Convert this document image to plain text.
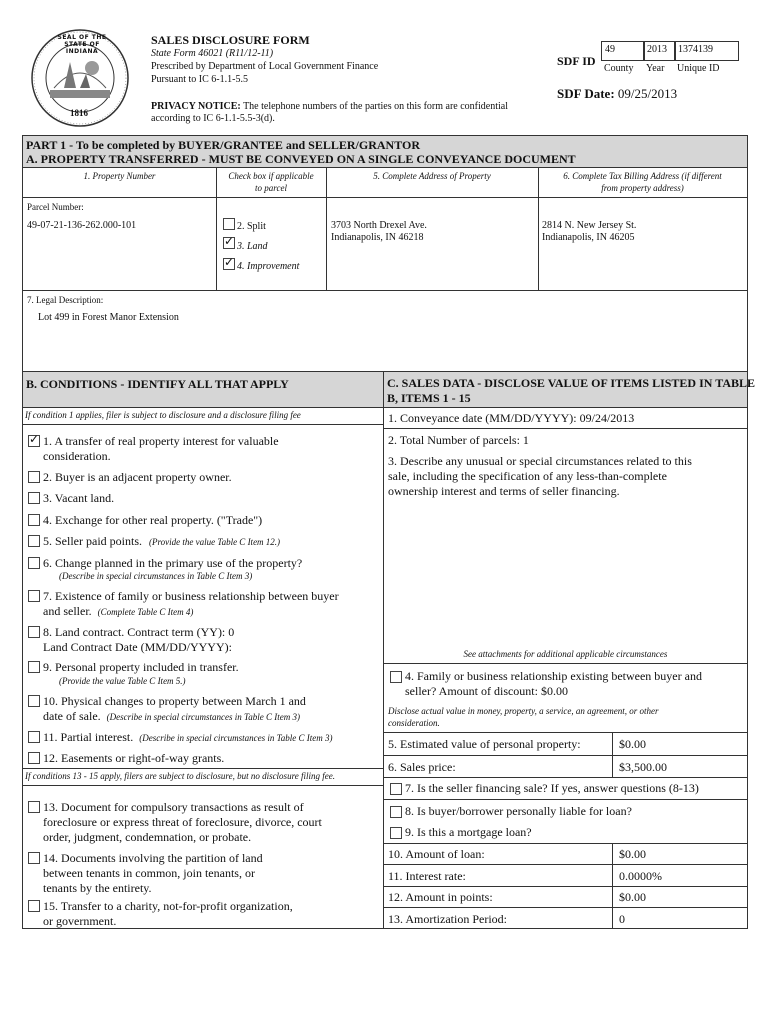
SEAL OF THE STATE OF INDIANA
1816
SALES DISCLOSURE FORM
State Form 46021 (R11/12-11)
Prescribed by Department of Local Government Finance
Pursuant to IC 6-1.1-5.5
PRIVACY NOTICE: The telephone numbers of the parties on this form are confidential
according to IC 6-1.1-5.5-3(d).
SDF ID
49	2013 1374139
County Year Unique ID
SDF Date: 09/25/2013
PART 1 - To be completed by BUYER/GRANTEE and SELLER/GRANTOR
A. PROPERTY TRANSFERRED - MUST BE CONVEYED ON A SINGLE CONVEYANCE DOCUMENT
1. Property Number	Check box if applicable
to parcel
5. Complete Address of Property	6. Complete Tax Billing Address (if different
from property address)
Parcel Number:
49-07-21-136-262.000-101	2. Split
✓
3. Land
✓
4. Improvement
3703 North Drexel Ave.
Indianapolis, IN 46218
2814 N. New Jersey St.
Indianapolis, IN 46205
7. Legal Description:
Lot 499 in Forest Manor Extension
B. CONDITIONS - IDENTIFY ALL THAT APPLY	C. SALES DATA - DISCLOSE VALUE OF ITEMS LISTED IN TABLE
B, ITEMS 1 - 15
If condition 1 applies, filer is subject to disclosure and a disclosure filing fee
✓
1. A transfer of real property interest for valuable
consideration.
2. Buyer is an adjacent property owner.
3. Vacant land.
4. Exchange for other real property. ("Trade")
5. Seller paid points. (Provide the value Table C Item 12.)
6. Change planned in the primary use of the property?
(Describe in special circumstances in Table C Item 3)
7. Existence of family or business relationship between buyer
and seller. (Complete Table C Item 4)
8. Land contract. Contract term (YY): 0
Land Contract Date (MM/DD/YYYY):
9. Personal property included in transfer.
(Provide the value Table C Item 5.)
10. Physical changes to property between March 1 and
date of sale. (Describe in special circumstances in Table C Item 3)
11. Partial interest. (Describe in special circumstances in Table C Item 3)
12. Easements or right-of-way grants.
If conditions 13 - 15 apply, filers are subject to disclosure, but no disclosure filing fee.
13. Document for compulsory transactions as result of
foreclosure or express threat of foreclosure, divorce, court
order, judgment, condemnation, or probate.
14. Documents involving the partition of land
between tenants in common, join tenants, or
tenants by the entirety.
15. Transfer to a charity, not-for-profit organization,
or government.
1. Conveyance date (MM/DD/YYYY): 09/24/2013
2. Total Number of parcels: 1
3. Describe any unusual or special circumstances related to this
sale, including the specification of any less-than-complete
ownership interest and terms of seller financing.
See attachments for additional applicable circumstances
4. Family or business relationship existing between buyer and
seller? Amount of discount: $0.00
Disclose actual value in money, property, a service, an agreement, or other
consideration.
5. Estimated value of personal property:	$0.00
6. Sales price:	$3,500.00
7. Is the seller financing sale? If yes, answer questions (8-13)
8. Is buyer/borrower personally liable for loan?
9. Is this a mortgage loan?
10. Amount of loan:	$0.00
11. Interest rate:	0.0000%
12. Amount in points:	$0.00
13. Amortization Period:	0
